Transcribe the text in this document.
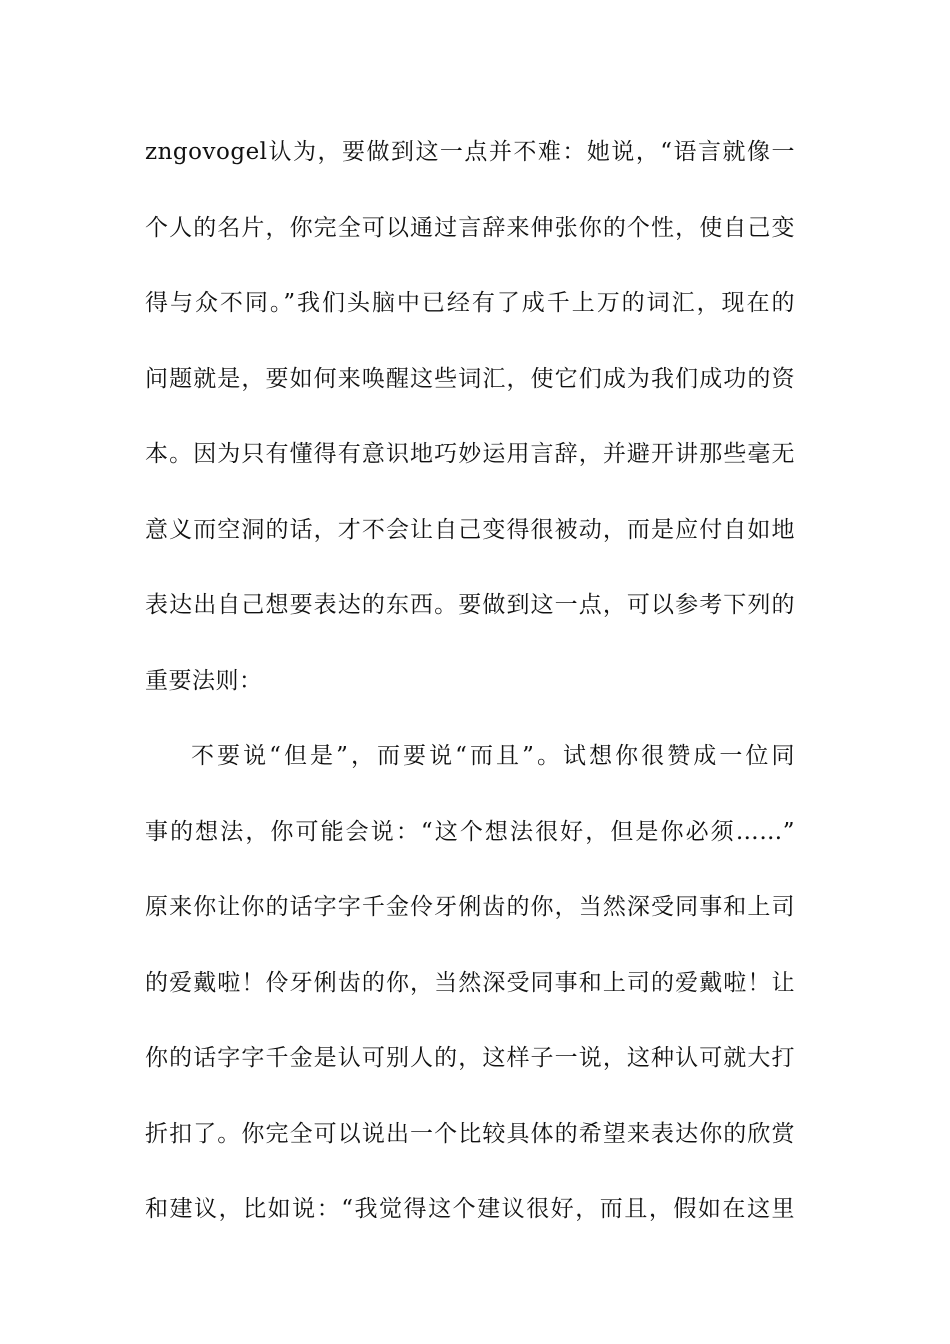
zngovogel认为，要做到这一点并不难：她说，“语言就像一
个人的名片，你完全可以通过言辞来伸张你的个性，使自己变
得与众不同。”我们头脑中已经有了成千上万的词汇，现在的
问题就是，要如何来唤醒这些词汇，使它们成为我们成功的资
本。因为只有懂得有意识地巧妙运用言辞，并避开讲那些毫无
意义而空洞的话，才不会让自己变得很被动，而是应付自如地
表达出自己想要表达的东西。要做到这一点，可以参考下列的
重要法则：
不要说“但是”，而要说“而且”。试想你很赞成一位同
事的想法，你可能会说：“这个想法很好，但是你必须……”
原来你让你的话字字千金伶牙俐齿的你，当然深受同事和上司
的爱戴啦！伶牙俐齿的你，当然深受同事和上司的爱戴啦！让
你的话字字千金是认可别人的，这样子一说，这种认可就大打
折扣了。你完全可以说出一个比较具体的希望来表达你的欣赏
和建议，比如说：“我觉得这个建议很好，而且，假如在这里
